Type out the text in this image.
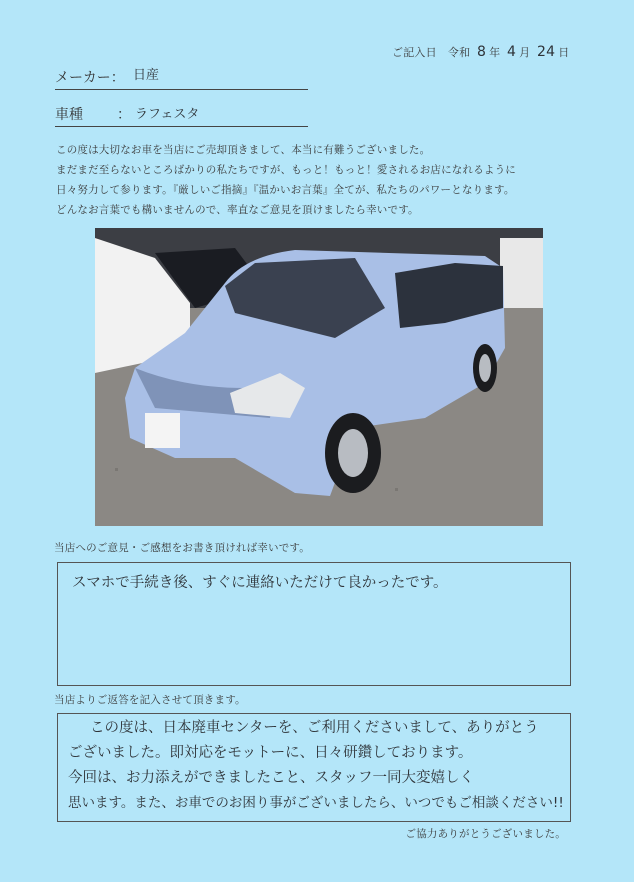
ご記入日 令和 8 年 4 月 24 日
メーカー： 日産
車種 ： ラフェスタ
この度は大切なお車を当店にご売却頂きまして、本当に有難うございました。
まだまだ至らないところばかりの私たちですが、もっと！もっと！愛されるお店になれるように
日々努力して参ります。『厳しいご指摘』『温かいお言葉』全てが、私たちのパワーとなります。
どんなお言葉でも構いませんので、率直なご意見を頂けましたら幸いです。
当店へのご意見・ご感想をお書き頂ければ幸いです。
スマホで手続き後、すぐに連絡いただけて良かったです。
当店よりご返答を記入させて頂きます。
この度は、日本廃車センターを、ご利用くださいまして、ありがとう
ございました。即対応をモットーに、日々研鑽しております。
今回は、お力添えができましたこと、スタッフ一同大変嬉しく
思います。また、お車でのお困り事がございましたら、いつでもご相談ください!!
ご協力ありがとうございました。
